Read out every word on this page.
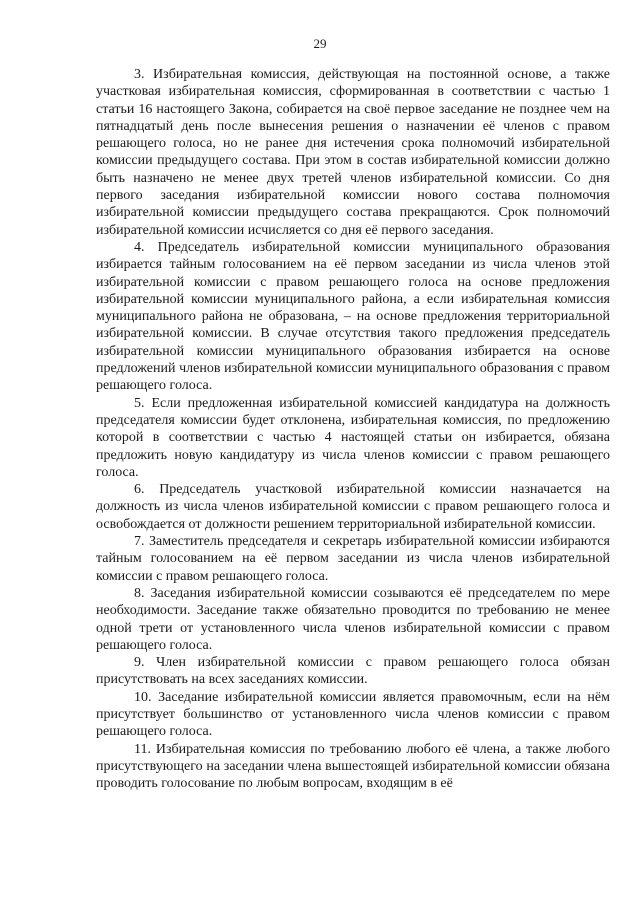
29

3. Избирательная комиссия, действующая на постоянной основе, а также участковая избирательная комиссия, сформированная в соответствии с частью 1 статьи 16 настоящего Закона, собирается на своё первое заседание не позднее чем на пятнадцатый день после вынесения решения о назначении её членов с правом решающего голоса, но не ранее дня истечения срока полномочий избирательной комиссии предыдущего состава. При этом в состав избирательной комиссии должно быть назначено не менее двух третей членов избирательной комиссии. Со дня первого заседания избирательной комиссии нового состава полномочия избирательной комиссии предыдущего состава прекращаются. Срок полномочий избирательной комиссии исчисляется со дня её первого заседания.

4. Председатель избирательной комиссии муниципального образования избирается тайным голосованием на её первом заседании из числа членов этой избирательной комиссии с правом решающего голоса на основе предложения избирательной комиссии муниципального района, а если избирательная комиссия муниципального района не образована, – на основе предложения территориальной избирательной комиссии. В случае отсутствия такого предложения председатель избирательной комиссии муниципального образования избирается на основе предложений членов избирательной комиссии муниципального образования с правом решающего голоса.

5. Если предложенная избирательной комиссией кандидатура на должность председателя комиссии будет отклонена, избирательная комиссия, по предложению которой в соответствии с частью 4 настоящей статьи он избирается, обязана предложить новую кандидатуру из числа членов комиссии с правом решающего голоса.

6. Председатель участковой избирательной комиссии назначается на должность из числа членов избирательной комиссии с правом решающего голоса и освобождается от должности решением территориальной избирательной комиссии.

7. Заместитель председателя и секретарь избирательной комиссии избираются тайным голосованием на её первом заседании из числа членов избирательной комиссии с правом решающего голоса.

8. Заседания избирательной комиссии созываются её председателем по мере необходимости. Заседание также обязательно проводится по требованию не менее одной трети от установленного числа членов избирательной комиссии с правом решающего голоса.

9. Член избирательной комиссии с правом решающего голоса обязан присутствовать на всех заседаниях комиссии.

10. Заседание избирательной комиссии является правомочным, если на нём присутствует большинство от установленного числа членов комиссии с правом решающего голоса.

11. Избирательная комиссия по требованию любого её члена, а также любого присутствующего на заседании члена вышестоящей избирательной комиссии обязана проводить голосование по любым вопросам, входящим в её
